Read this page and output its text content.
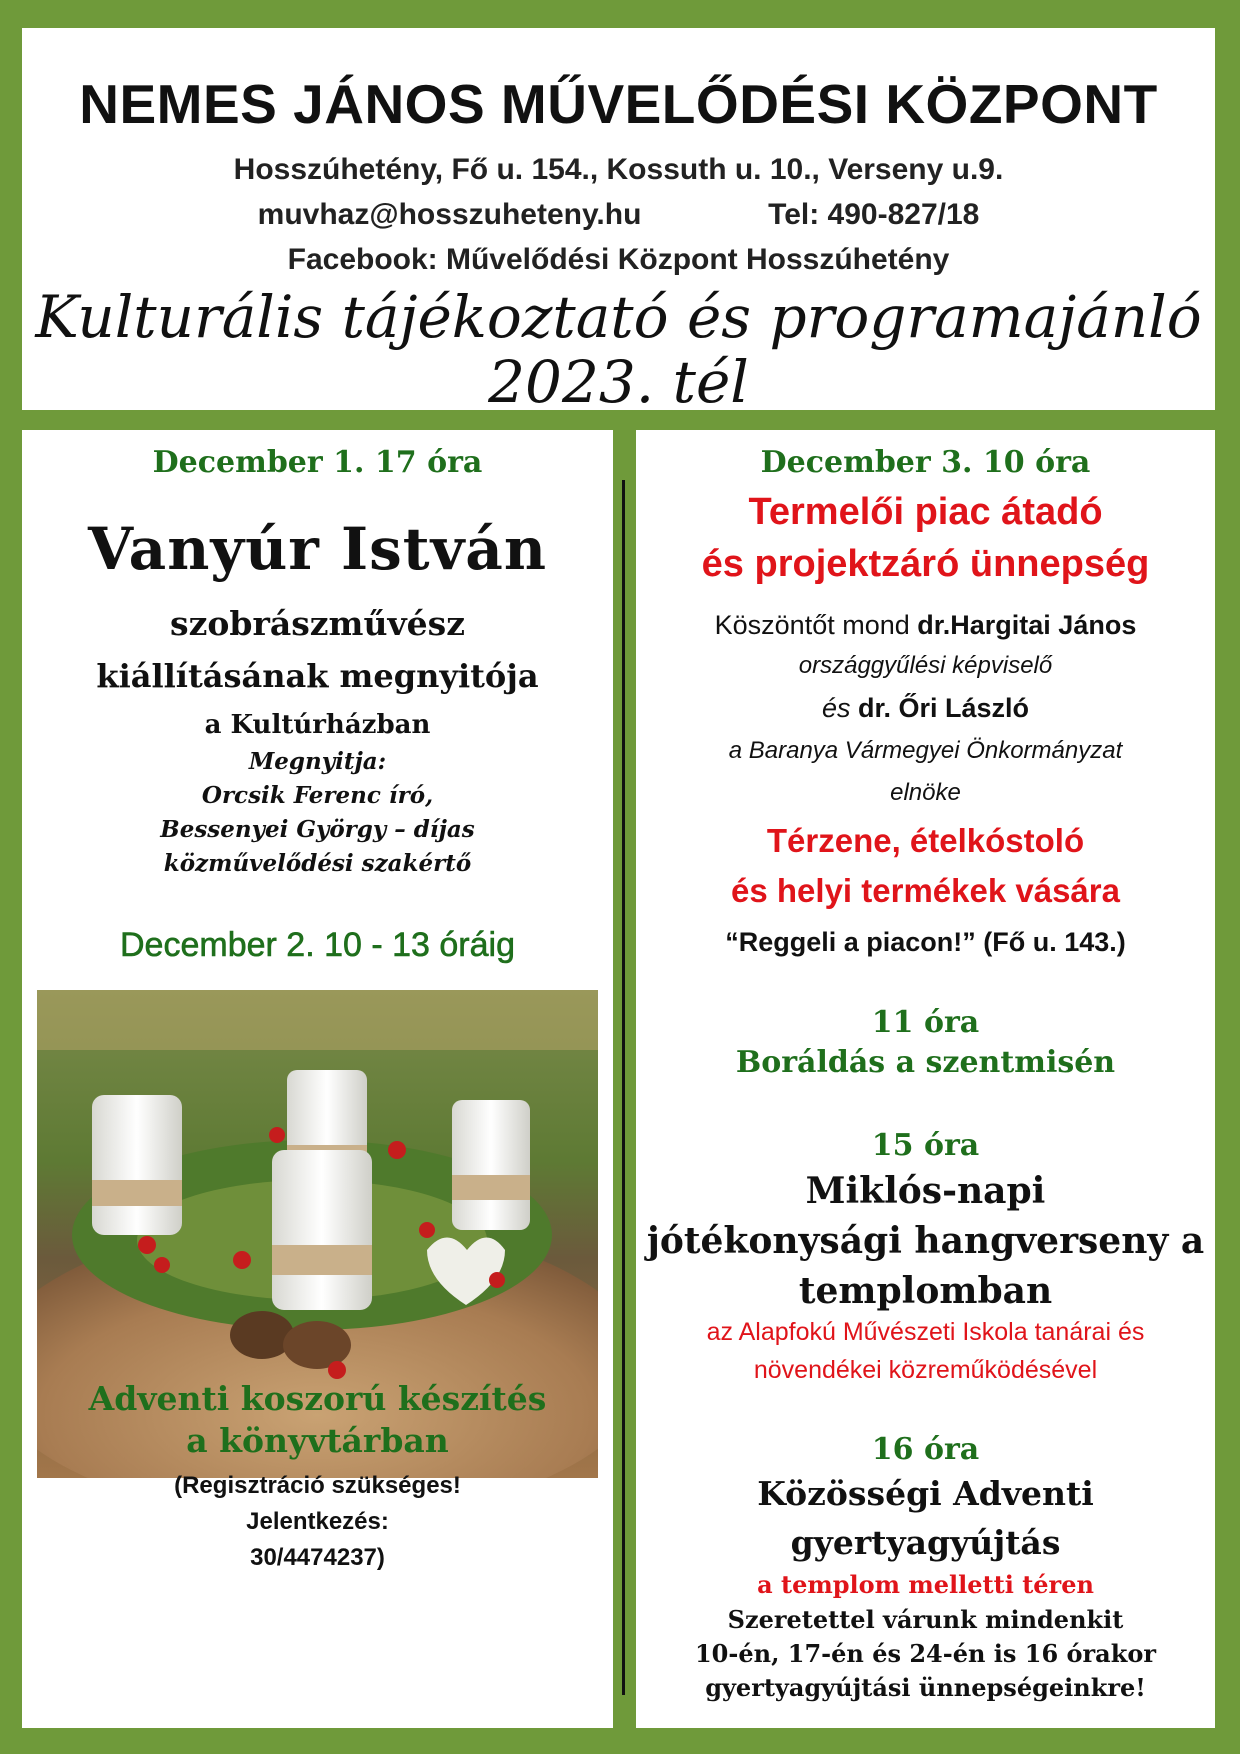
NEMES JÁNOS MŰVELŐDÉSI KÖZPONT
Hosszúhetény, Fő u. 154., Kossuth u. 10., Verseny u.9.
muvhaz@hosszuheteny.hu	Tel: 490-827/18
Facebook: Művelődési Központ Hosszúhetény
Kulturális tájékoztató és programajánló
2023. tél
December 1. 17 óra
Vanyúr István
szobrászművész
kiállításának megnyitója
a Kultúrházban
Megnyitja:
Orcsik Ferenc író,
Bessenyei György – díjas
közművelődési szakértő
December 2. 10 - 13 óráig
Adventi koszorú készítés
a könyvtárban
(Regisztráció szükséges!
Jelentkezés:
30/4474237)
December 3. 10 óra
Termelői piac átadó
és projektzáró ünnepség
Köszöntőt mond dr.Hargitai János
országgyűlési képviselő
és dr. Őri László
a Baranya Vármegyei Önkormányzat
elnöke
Térzene, ételkóstoló
és helyi termékek vására
“Reggeli a piacon!” (Fő u. 143.)
11 óra
Boráldás a szentmisén
15 óra
Miklós-napi
jótékonysági hangverseny a
templomban
az Alapfokú Művészeti Iskola tanárai és
növendékei közreműködésével
16 óra
Közösségi Adventi
gyertyagyújtás
a templom melletti téren
Szeretettel várunk mindenkit
10-én, 17-én és 24-én is 16 órakor
gyertyagyújtási ünnepségeinkre!
